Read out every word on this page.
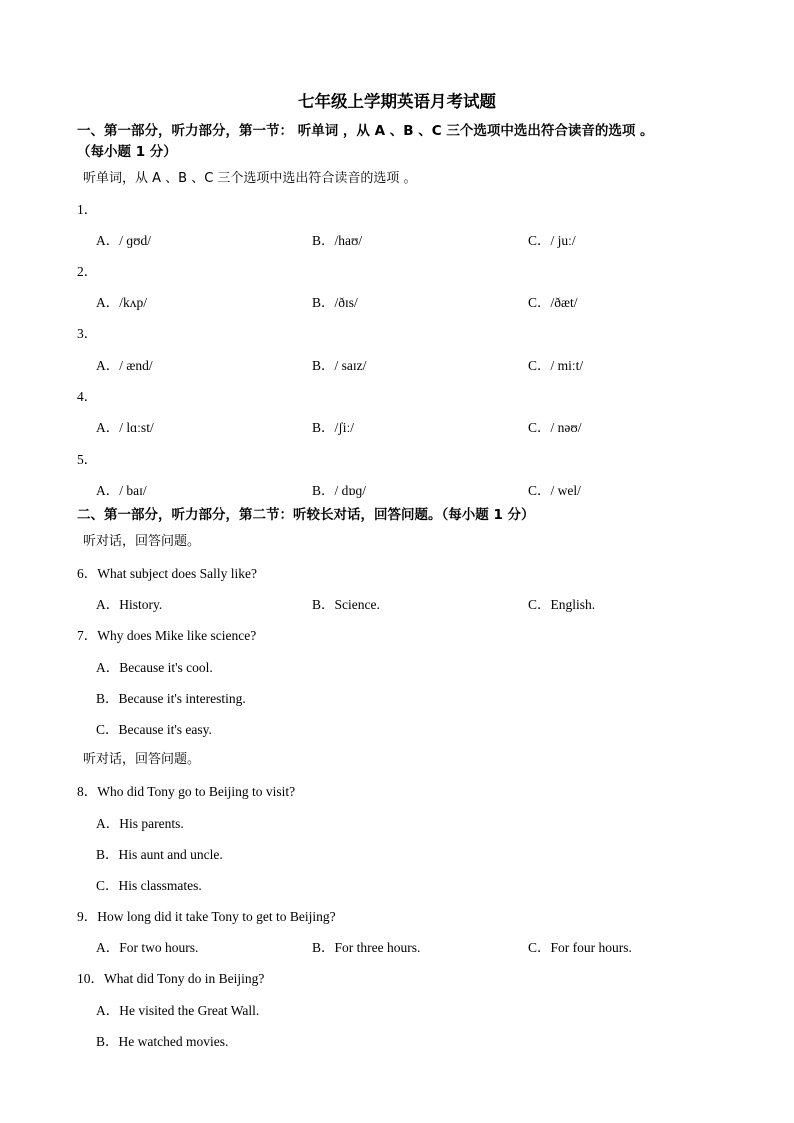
七年级上学期英语月考试题
一、第一部分，听力部分，第一节： 听单词 ，从 A 、B 、C 三个选项中选出符合读音的选项 。
（每小题 1 分）
听单词，从 A 、B 、C 三个选项中选出符合读音的选项 。
1．
A．/ ɡʊd/	B．/haʊ/	C．/ juː/
2．
A．/kʌp/	B．/ðɪs/	C．/ðæt/
3．
A．/ ænd/	B．/ saɪz/	C．/ miːt/
4．
A．/ lɑːst/	B．/ʃiː/	C．/ nəʊ/
5．
A．/ baɪ/	B．/ dɒɡ/	C．/ wel/
二、第一部分，听力部分，第二节：听较长对话，回答问题。（每小题 1 分）
听对话，回答问题。
6．What subject does Sally like?
A．History.	B．Science.	C．English.
7．Why does Mike like science?
A．Because it's cool.
B．Because it's interesting.
C．Because it's easy.
听对话，回答问题。
8．Who did Tony go to Beijing to visit?
A．His parents.
B．His aunt and uncle.
C．His classmates.
9．How long did it take Tony to get to Beijing?
A．For two hours.	B．For three hours.	C．For four hours.
10．What did Tony do in Beijing?
A．He visited the Great Wall.
B．He watched movies.
